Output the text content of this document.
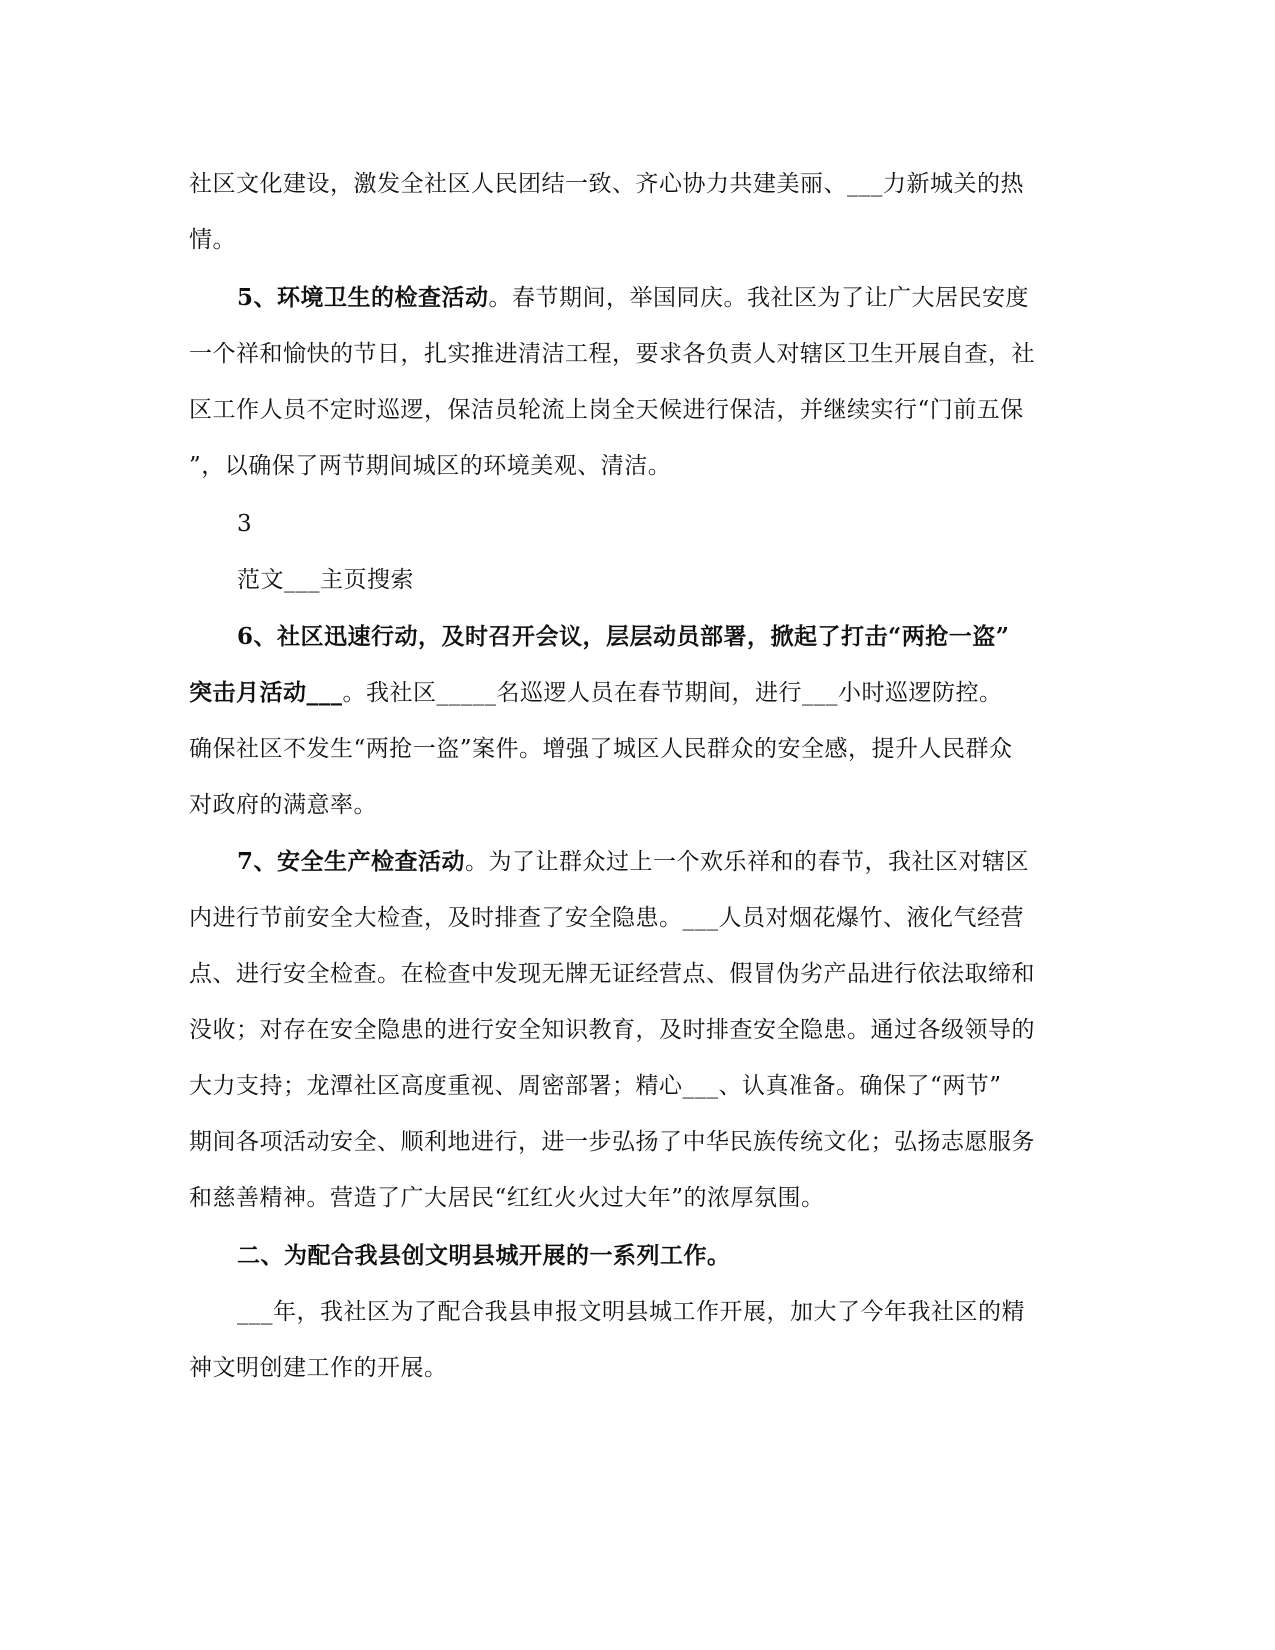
社区文化建设，激发全社区人民团结一致、齐心协力共建美丽、___力新城关的热
情。
5、环境卫生的检查活动。春节期间，举国同庆。我社区为了让广大居民安度
一个祥和愉快的节日，扎实推进清洁工程，要求各负责人对辖区卫生开展自查，社
区工作人员不定时巡逻，保洁员轮流上岗全天候进行保洁，并继续实行“门前五保
”，以确保了两节期间城区的环境美观、清洁。
3
范文___主页搜索
6、社区迅速行动，及时召开会议，层层动员部署，掀起了打击“两抢一盗”
突击月活动___。我社区_____名巡逻人员在春节期间，进行___小时巡逻防控。
确保社区不发生“两抢一盗”案件。增强了城区人民群众的安全感，提升人民群众
对政府的满意率。
7、安全生产检查活动。为了让群众过上一个欢乐祥和的春节，我社区对辖区
内进行节前安全大检查，及时排查了安全隐患。___人员对烟花爆竹、液化气经营
点、进行安全检查。在检查中发现无牌无证经营点、假冒伪劣产品进行依法取缔和
没收；对存在安全隐患的进行安全知识教育，及时排查安全隐患。通过各级领导的
大力支持；龙潭社区高度重视、周密部署；精心___、认真准备。确保了“两节”
期间各项活动安全、顺利地进行，进一步弘扬了中华民族传统文化；弘扬志愿服务
和慈善精神。营造了广大居民“红红火火过大年”的浓厚氛围。
二、为配合我县创文明县城开展的一系列工作。
___年，我社区为了配合我县申报文明县城工作开展，加大了今年我社区的精
神文明创建工作的开展。
